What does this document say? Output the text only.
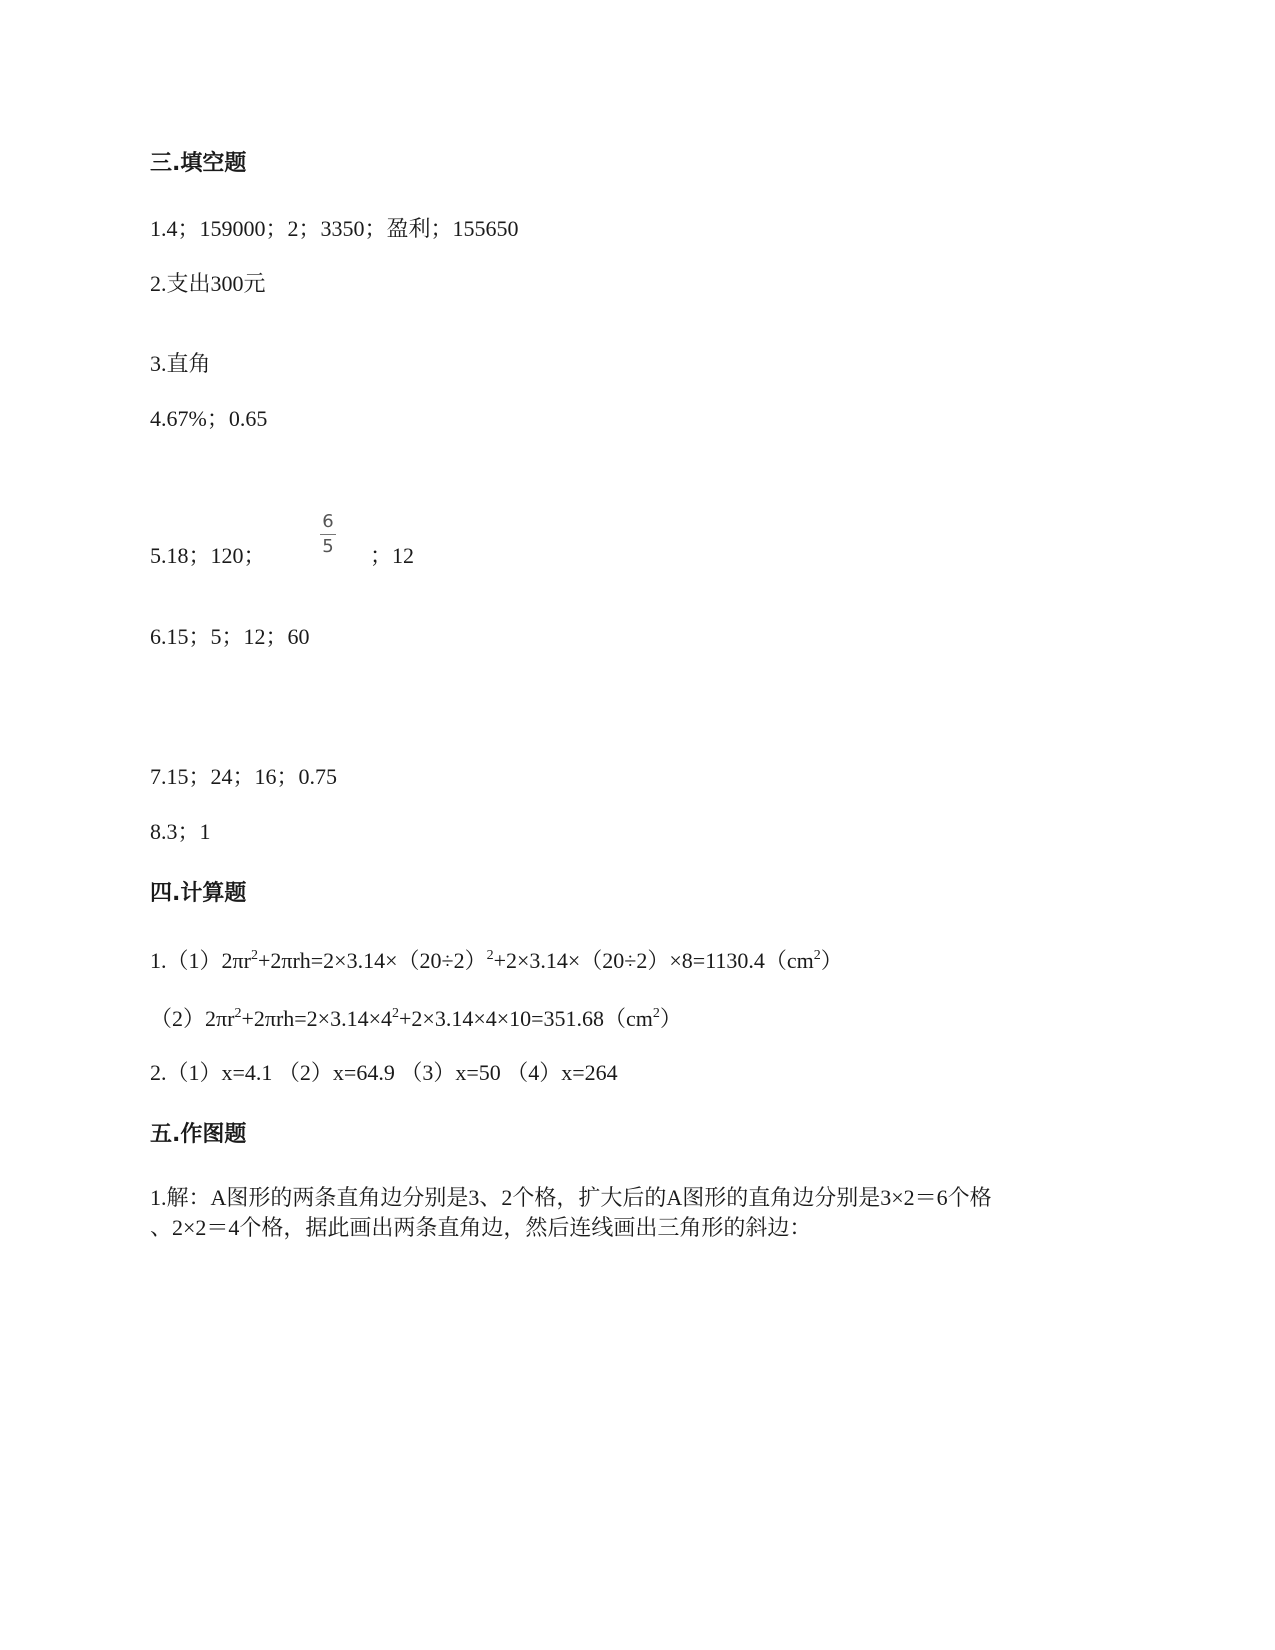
三.填空题
1.4；159000；2；3350；盈利；155650
2.支出300元
3.直角
4.67%；0.65
5.18；120；
6
5 ；12
6.15；5；12；60
7.15；24；16；0.75
8.3；1
四.计算题
$1.(1)2\pi r^2+2\pi rh=2\times 3.14\times(20\div 2)^2+2\times 3.14\times(20\div 2)\times 8=1130.4(cm^2)$
$(2)2\pi r^2+2\pi rh=2\times 3.14\times 4^2+2\times 3.14\times 4\times 10=351.68(cm^2)$
2.（1）x=4.1 （2）x=64.9 （3）x=50 （4）x=264
五.作图题
1.解：A图形的两条直角边分别是3、2个格，扩大后的A图形的直角边分别是3×2＝6个格
、2×2＝4个格，据此画出两条直角边，然后连线画出三角形的斜边：
